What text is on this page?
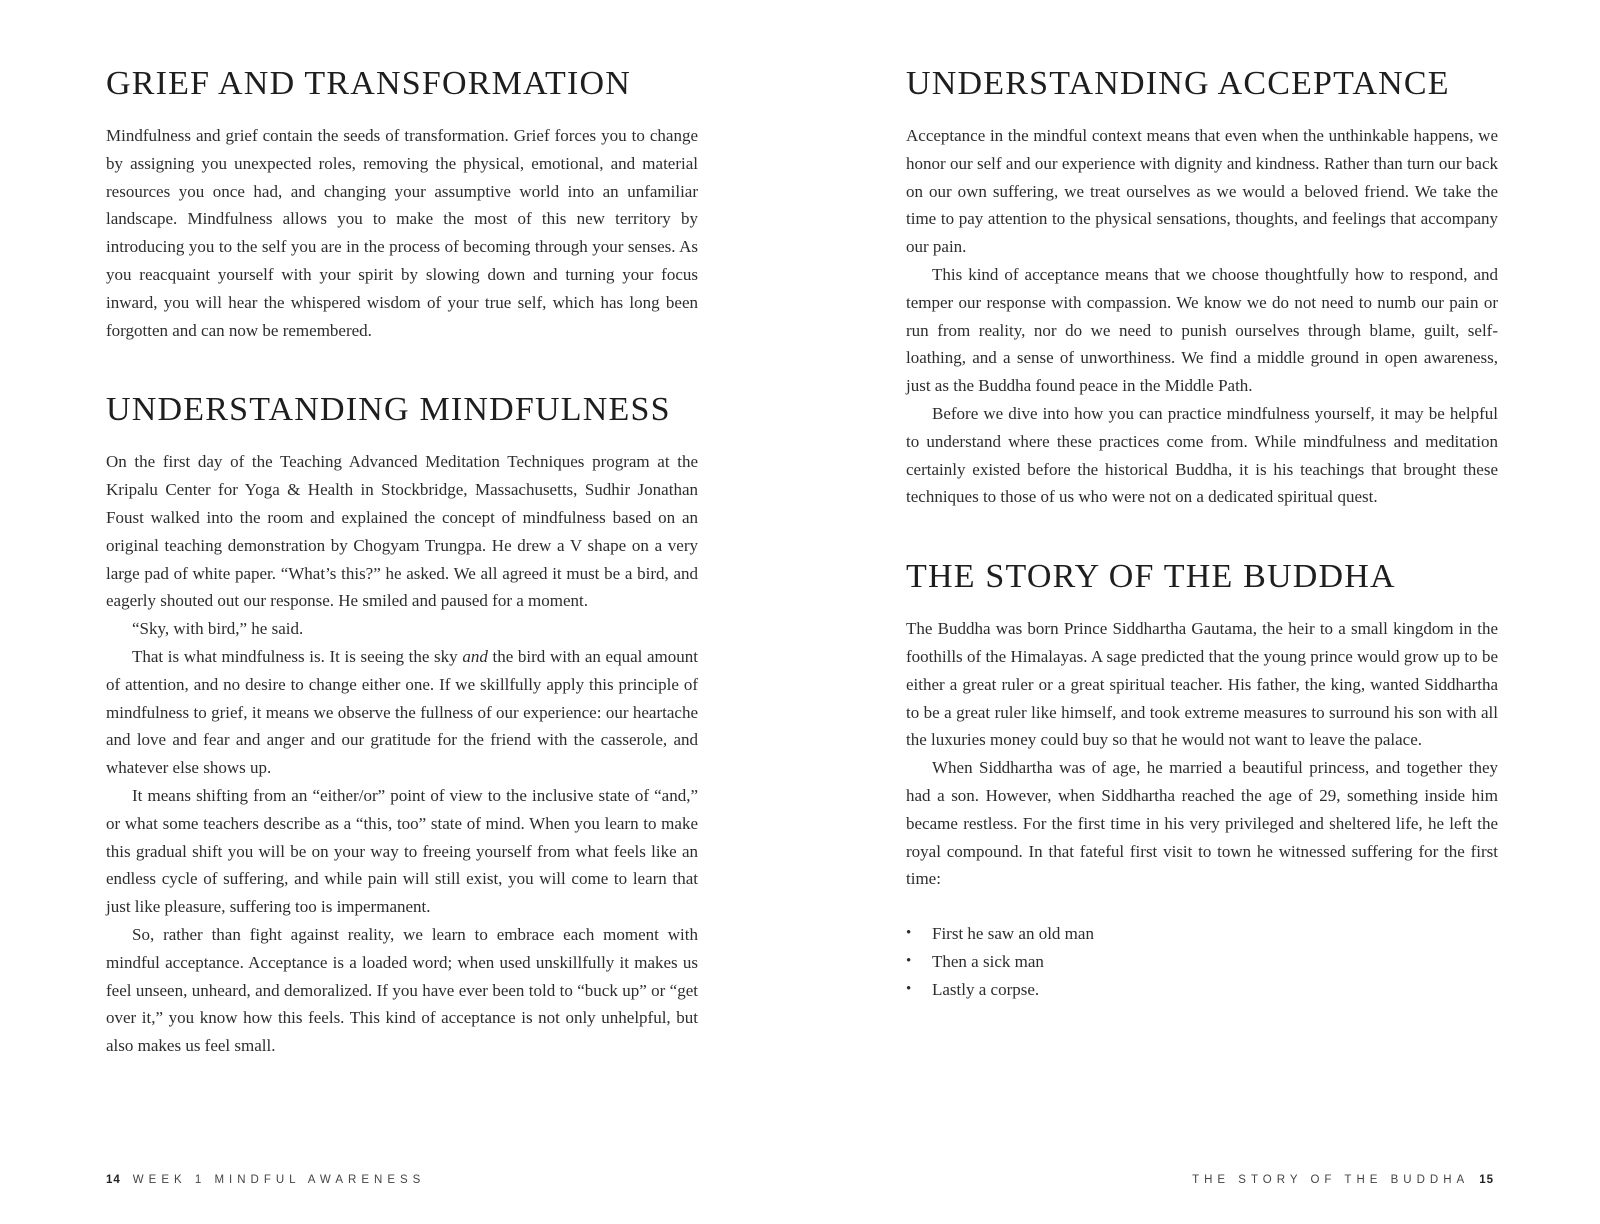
GRIEF AND TRANSFORMATION

Mindfulness and grief contain the seeds of transformation. Grief forces you to change by assigning you unexpected roles, removing the physical, emotional, and material resources you once had, and changing your assumptive world into an unfamiliar landscape. Mindfulness allows you to make the most of this new territory by introducing you to the self you are in the process of becoming through your senses. As you reacquaint yourself with your spirit by slowing down and turning your focus inward, you will hear the whispered wisdom of your true self, which has long been forgotten and can now be remembered.

UNDERSTANDING MINDFULNESS

On the first day of the Teaching Advanced Meditation Techniques program at the Kripalu Center for Yoga & Health in Stockbridge, Massachusetts, Sudhir Jonathan Foust walked into the room and explained the concept of mindfulness based on an original teaching demonstration by Chogyam Trungpa. He drew a V shape on a very large pad of white paper. “What’s this?” he asked. We all agreed it must be a bird, and eagerly shouted out our response. He smiled and paused for a moment.

“Sky, with bird,” he said.

That is what mindfulness is. It is seeing the sky and the bird with an equal amount of attention, and no desire to change either one. If we skillfully apply this principle of mindfulness to grief, it means we observe the fullness of our experience: our heartache and love and fear and anger and our gratitude for the friend with the casserole, and whatever else shows up.

It means shifting from an “either/or” point of view to the inclusive state of “and,” or what some teachers describe as a “this, too” state of mind. When you learn to make this gradual shift you will be on your way to freeing yourself from what feels like an endless cycle of suffering, and while pain will still exist, you will come to learn that just like pleasure, suffering too is impermanent.

So, rather than fight against reality, we learn to embrace each moment with mindful acceptance. Acceptance is a loaded word; when used unskillfully it makes us feel unseen, unheard, and demoralized. If you have ever been told to “buck up” or “get over it,” you know how this feels. This kind of acceptance is not only unhelpful, but also makes us feel small.

14 WEEK 1 MINDFUL AWARENESS
UNDERSTANDING ACCEPTANCE

Acceptance in the mindful context means that even when the unthinkable happens, we honor our self and our experience with dignity and kindness. Rather than turn our back on our own suffering, we treat ourselves as we would a beloved friend. We take the time to pay attention to the physical sensations, thoughts, and feelings that accompany our pain.

This kind of acceptance means that we choose thoughtfully how to respond, and temper our response with compassion. We know we do not need to numb our pain or run from reality, nor do we need to punish ourselves through blame, guilt, self-loathing, and a sense of unworthiness. We find a middle ground in open awareness, just as the Buddha found peace in the Middle Path.

Before we dive into how you can practice mindfulness yourself, it may be helpful to understand where these practices come from. While mindfulness and meditation certainly existed before the historical Buddha, it is his teachings that brought these techniques to those of us who were not on a dedicated spiritual quest.

THE STORY OF THE BUDDHA

The Buddha was born Prince Siddhartha Gautama, the heir to a small kingdom in the foothills of the Himalayas. A sage predicted that the young prince would grow up to be either a great ruler or a great spiritual teacher. His father, the king, wanted Siddhartha to be a great ruler like himself, and took extreme measures to surround his son with all the luxuries money could buy so that he would not want to leave the palace.

When Siddhartha was of age, he married a beautiful princess, and together they had a son. However, when Siddhartha reached the age of 29, something inside him became restless. For the first time in his very privileged and sheltered life, he left the royal compound. In that fateful first visit to town he witnessed suffering for the first time:

•	First he saw an old man
•	Then a sick man
•	Lastly a corpse.
THE STORY OF THE BUDDHA 15
